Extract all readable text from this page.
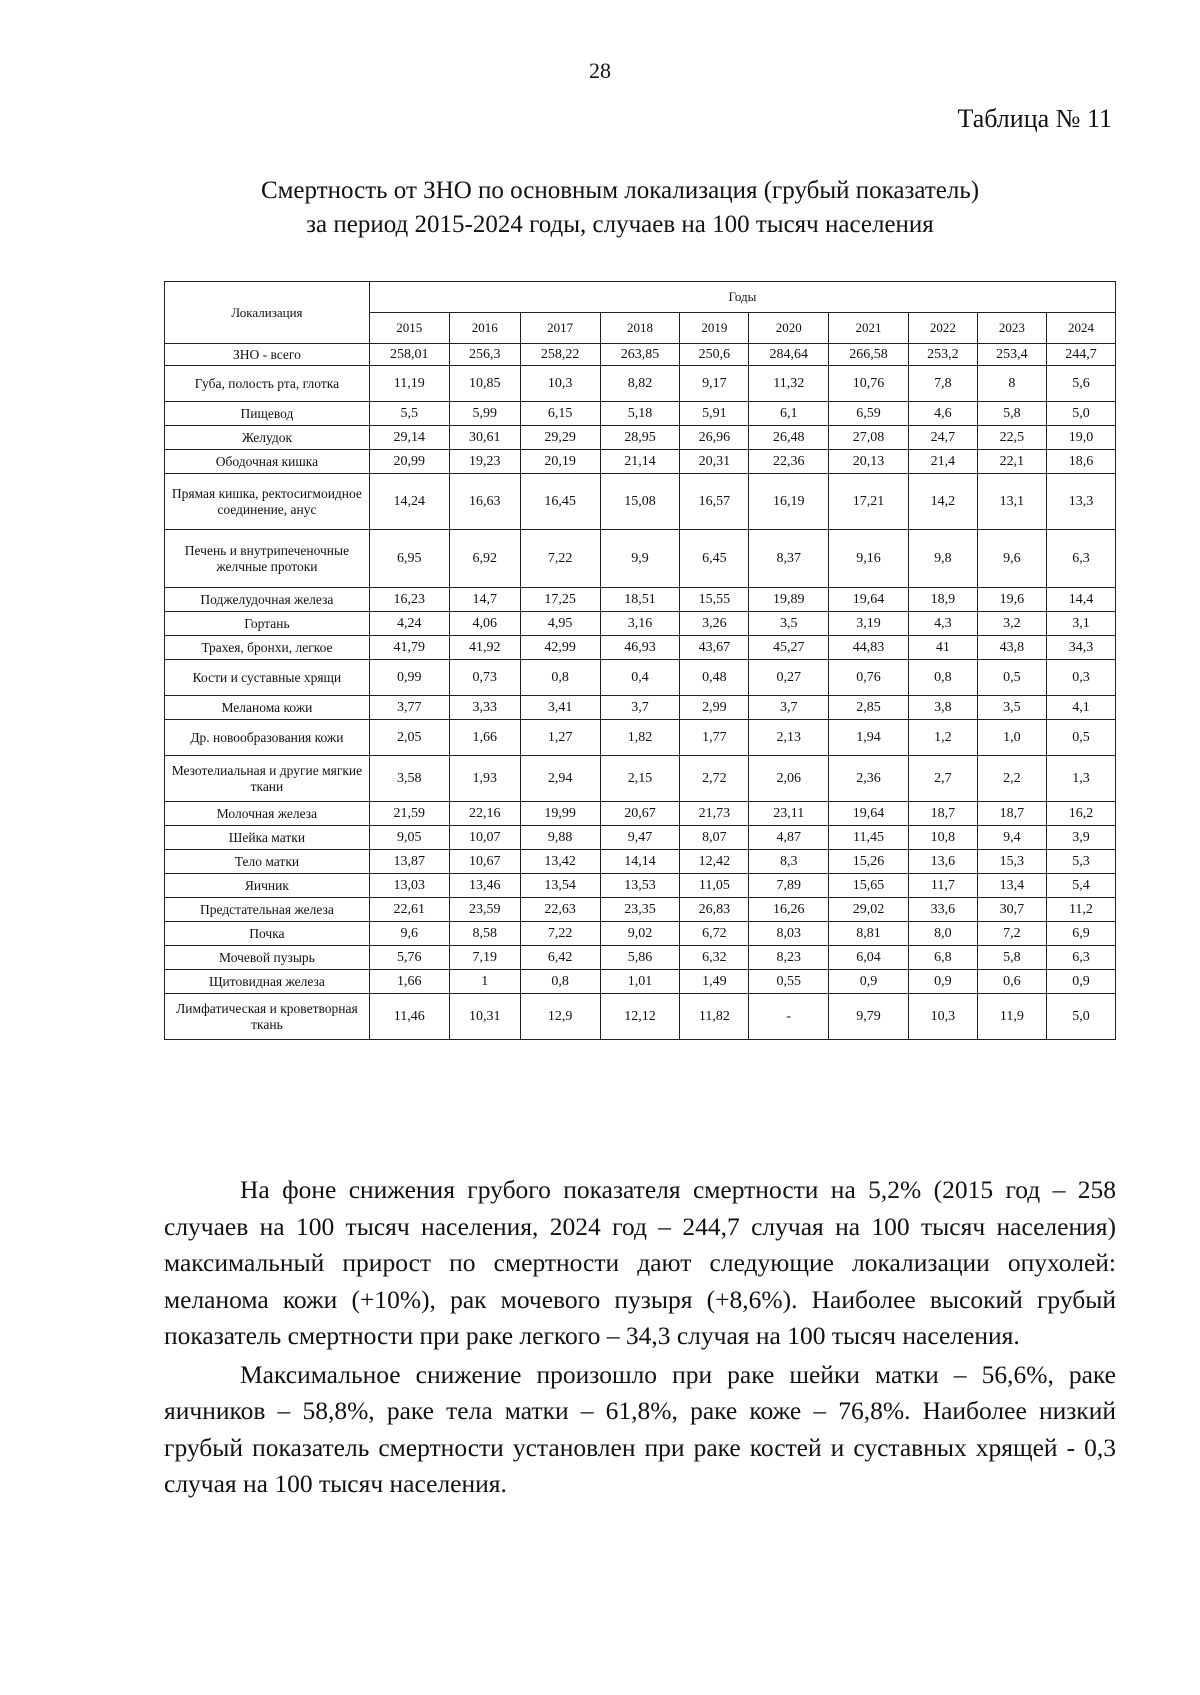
28
Таблица № 11
Смертность от ЗНО по основным локализация (грубый показатель)
за период 2015-2024 годы, случаев на 100 тысяч населения
Локализация	Годы									
	2015	2016	2017	2018	2019	2020	2021	2022	2023	2024
ЗНО - всего	258,01	256,3	258,22	263,85	250,6	284,64	266,58	253,2	253,4	244,7
Губа, полость рта, глотка	11,19	10,85	10,3	8,82	9,17	11,32	10,76	7,8	8	5,6
Пищевод	5,5	5,99	6,15	5,18	5,91	6,1	6,59	4,6	5,8	5,0
Желудок	29,14	30,61	29,29	28,95	26,96	26,48	27,08	24,7	22,5	19,0
Ободочная кишка	20,99	19,23	20,19	21,14	20,31	22,36	20,13	21,4	22,1	18,6
Прямая кишка, ректосигмоидное соединение, анус	14,24	16,63	16,45	15,08	16,57	16,19	17,21	14,2	13,1	13,3
Печень и внутрипеченочные желчные протоки	6,95	6,92	7,22	9,9	6,45	8,37	9,16	9,8	9,6	6,3
Поджелудочная железа	16,23	14,7	17,25	18,51	15,55	19,89	19,64	18,9	19,6	14,4
Гортань	4,24	4,06	4,95	3,16	3,26	3,5	3,19	4,3	3,2	3,1
Трахея, бронхи, легкое	41,79	41,92	42,99	46,93	43,67	45,27	44,83	41	43,8	34,3
Кости и суставные хрящи	0,99	0,73	0,8	0,4	0,48	0,27	0,76	0,8	0,5	0,3
Меланома кожи	3,77	3,33	3,41	3,7	2,99	3,7	2,85	3,8	3,5	4,1
Др. новообразования кожи	2,05	1,66	1,27	1,82	1,77	2,13	1,94	1,2	1,0	0,5
Мезотелиальная и другие мягкие ткани	3,58	1,93	2,94	2,15	2,72	2,06	2,36	2,7	2,2	1,3
Молочная железа	21,59	22,16	19,99	20,67	21,73	23,11	19,64	18,7	18,7	16,2
Шейка матки	9,05	10,07	9,88	9,47	8,07	4,87	11,45	10,8	9,4	3,9
Тело матки	13,87	10,67	13,42	14,14	12,42	8,3	15,26	13,6	15,3	5,3
Яичник	13,03	13,46	13,54	13,53	11,05	7,89	15,65	11,7	13,4	5,4
Предстательная железа	22,61	23,59	22,63	23,35	26,83	16,26	29,02	33,6	30,7	11,2
Почка	9,6	8,58	7,22	9,02	6,72	8,03	8,81	8,0	7,2	6,9
Мочевой пузырь	5,76	7,19	6,42	5,86	6,32	8,23	6,04	6,8	5,8	6,3
Щитовидная железа	1,66	1	0,8	1,01	1,49	0,55	0,9	0,9	0,6	0,9
Лимфатическая и кроветворная ткань	11,46	10,31	12,9	12,12	11,82	-	9,79	10,3	11,9	5,0

На фоне снижения грубого показателя смертности на 5,2% (2015 год – 258 случаев на 100 тысяч населения, 2024 год – 244,7 случая на 100 тысяч населения) максимальный прирост по смертности дают следующие локализации опухолей: меланома кожи (+10%), рак мочевого пузыря (+8,6%). Наиболее высокий грубый показатель смертности при раке легкого – 34,3 случая на 100 тысяч населения.

Максимальное снижение произошло при раке шейки матки – 56,6%, раке яичников – 58,8%, раке тела матки – 61,8%, раке коже – 76,8%. Наиболее низкий грубый показатель смертности установлен при раке костей и суставных хрящей - 0,3 случая на 100 тысяч населения.
